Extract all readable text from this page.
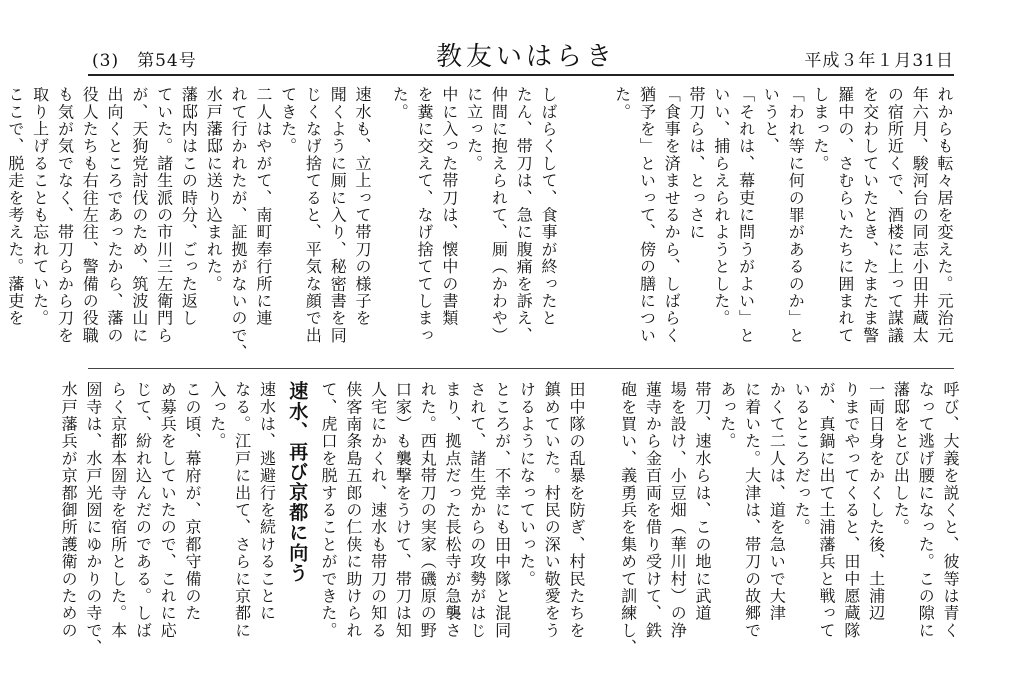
(3)　第54号	教友いはらき	平成３年１月31日
れからも転々居を変えた。元治元
年六月、駿河台の同志小田井蔵太
の宿所近くで、酒楼に上って謀議
を交わしていたとき、たまたま警
羅中の、さむらいたちに囲まれて
しまった。
「われ等に何の罪があるのか」と
いうと、
「それは、幕吏に問うがよい」と
いい、捕らえられようとした。
帯刀らは、とっさに
「食事を済ませるから、しばらく
猶予を」といって、傍の膳につい
た。
しばらくして、食事が終ったと
たん、帯刀は、急に腹痛を訴え、
仲間に抱えられて、厠（かわや）
に立った。
中に入った帯刀は、懐中の書類
を糞に交えて、なげ捨ててしまっ
た。
速水も、立上って帯刀の様子を
聞くように厠に入り、秘密書を同
じくなげ捨てると、平気な顔で出
てきた。
二人はやがて、南町奉行所に連
れて行かれたが、証拠がないので、
水戸藩邸に送り込まれた。
藩邸内はこの時分、ごった返し
ていた。諸生派の市川三左衛門ら
が、天狗党討伐のため、筑波山に
出向くところであったから、藩の
役人たちも右往左往、警備の役職
も気が気でなく、帯刀らから刀を
取り上げることも忘れていた。
ここで、脱走を考えた。藩吏を
呼び、大義を説くと、彼等は青く
なって逃げ腰になった。この隙に
藩邸をとび出した。
一両日身をかくした後、土浦辺
りまでやってくると、田中愿蔵隊
が、真鍋に出て土浦藩兵と戦って
いるところだった。
かくて二人は、道を急いで大津
に着いた。大津は、帯刀の故郷で
あった。
帯刀、速水らは、この地に武道
場を設け、小豆畑（華川村）の浄
蓮寺から金百両を借り受けて、鉄
砲を買い、義勇兵を集めて訓練し、
田中隊の乱暴を防ぎ、村民たちを
鎮めていた。村民の深い敬愛をう
けるようになっていった。
ところが、不幸にも田中隊と混同
されて、諸生党からの攻勢がはじ
まり、拠点だった長松寺が急襲さ
れた。西丸帯刀の実家（磯原の野
口家）も襲撃をうけて、帯刀は知
人宅にかくれ、速水も帯刀の知る
侠客南条島五郎の仁侠に助けられ
て、虎口を脱することができた。
速水、再び京都に向う
速水は、逃避行を続けることに
なる。江戸に出て、さらに京都に
入った。
この頃、幕府が、京都守備のた
め募兵をしていたので、これに応
じて、紛れ込んだのである。しば
らく京都本圀寺を宿所とした。本
圀寺は、水戸光圀にゆかりの寺で、
水戸藩兵が京都御所護衛のための
